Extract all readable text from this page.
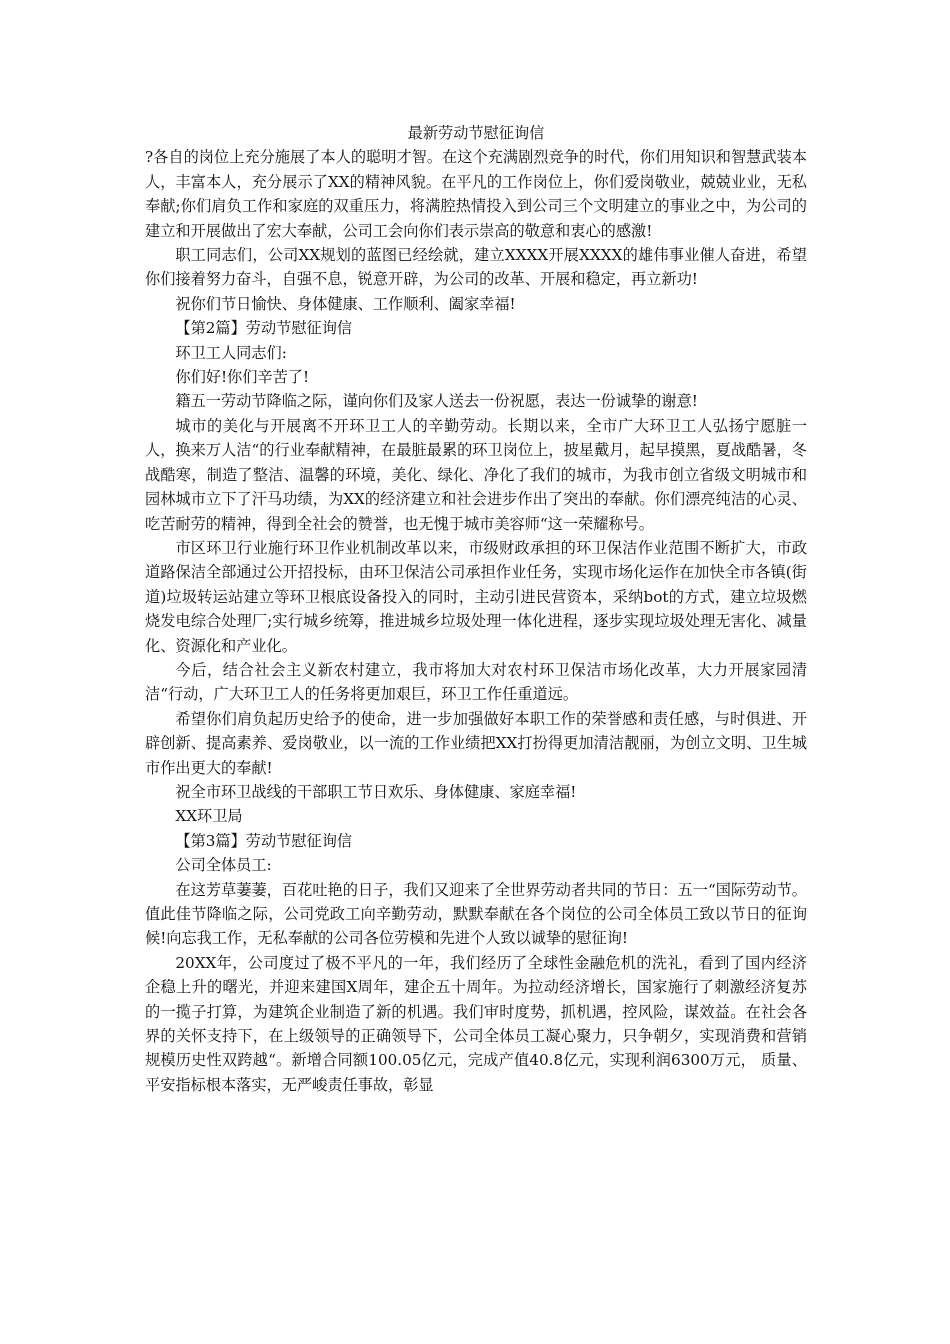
最新劳动节慰征询信

?各自的岗位上充分施展了本人的聪明才智。在这个充满剧烈竞争的时代，你们用知识和智慧武装本人，丰富本人，充分展示了XX的精神风貌。在平凡的工作岗位上，你们爱岗敬业，兢兢业业，无私奉献;你们肩负工作和家庭的双重压力，将满腔热情投入到公司三个文明建立的事业之中，为公司的建立和开展做出了宏大奉献，公司工会向你们表示崇高的敬意和衷心的感激!

职工同志们，公司XX规划的蓝图已经绘就，建立XXXX开展XXXX的雄伟事业催人奋进，希望你们接着努力奋斗，自强不息，锐意开辟，为公司的改革、开展和稳定，再立新功!

祝你们节日愉快、身体健康、工作顺利、阖家幸福!

【第2篇】劳动节慰征询信

环卫工人同志们:

你们好!你们辛苦了!

籍五一劳动节降临之际，谨向你们及家人送去一份祝愿，表达一份诚挚的谢意!

城市的美化与开展离不开环卫工人的辛勤劳动。长期以来，全市广大环卫工人弘扬宁愿脏一人，换来万人洁“的行业奉献精神，在最脏最累的环卫岗位上，披星戴月，起早摸黑，夏战酷暑，冬战酷寒，制造了整洁、温馨的环境，美化、绿化、净化了我们的城市，为我市创立省级文明城市和园林城市立下了汗马功绩，为XX的经济建立和社会进步作出了突出的奉献。你们漂亮纯洁的心灵、吃苦耐劳的精神，得到全社会的赞誉，也无愧于城市美容师“这一荣耀称号。

市区环卫行业施行环卫作业机制改革以来，市级财政承担的环卫保洁作业范围不断扩大，市政道路保洁全部通过公开招投标，由环卫保洁公司承担作业任务，实现市场化运作在加快全市各镇(街道)垃圾转运站建立等环卫根底设备投入的同时，主动引进民营资本，采纳bot的方式，建立垃圾燃烧发电综合处理厂;实行城乡统筹，推进城乡垃圾处理一体化进程，逐步实现垃圾处理无害化、减量化、资源化和产业化。

今后，结合社会主义新农村建立，我市将加大对农村环卫保洁市场化改革，大力开展家园清洁“行动，广大环卫工人的任务将更加艰巨，环卫工作任重道远。

希望你们肩负起历史给予的使命，进一步加强做好本职工作的荣誉感和责任感，与时俱进、开辟创新、提高素养、爱岗敬业，以一流的工作业绩把XX打扮得更加清洁靓丽，为创立文明、卫生城市作出更大的奉献!

祝全市环卫战线的干部职工节日欢乐、身体健康、家庭幸福!

XX环卫局

【第3篇】劳动节慰征询信

公司全体员工:

在这芳草萋萋，百花吐艳的日子，我们又迎来了全世界劳动者共同的节日：五一“国际劳动节。值此佳节降临之际，公司党政工向辛勤劳动，默默奉献在各个岗位的公司全体员工致以节日的征询候!向忘我工作，无私奉献的公司各位劳模和先进个人致以诚挚的慰征询!

20XX年，公司度过了极不平凡的一年，我们经历了全球性金融危机的洗礼，看到了国内经济企稳上升的曙光，并迎来建国X周年，建企五十周年。为拉动经济增长，国家施行了刺激经济复苏的一揽子打算，为建筑企业制造了新的机遇。我们审时度势，抓机遇，控风险，谋效益。在社会各界的关怀支持下，在上级领导的正确领导下，公司全体员工凝心聚力，只争朝夕，实现消费和营销规模历史性双跨越“。新增合同额100.05亿元，完成产值40.8亿元，实现利润6300万元， 质量、平安指标根本落实，无严峻责任事故，彰显
